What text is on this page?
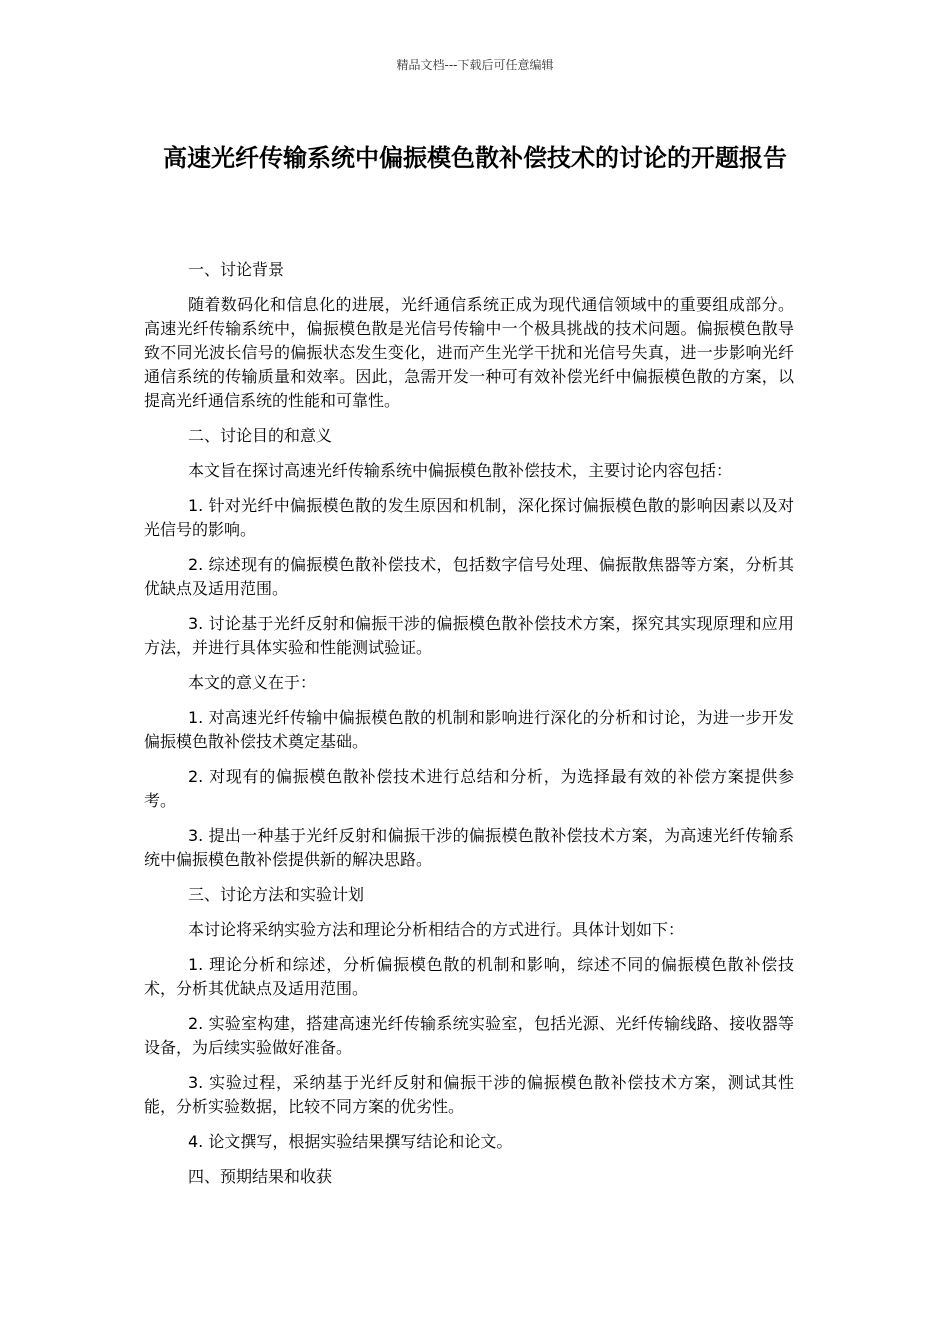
精品文档---下载后可任意编辑
高速光纤传输系统中偏振模色散补偿技术的讨论的开题报告

一、讨论背景

随着数码化和信息化的进展，光纤通信系统正成为现代通信领域中的重要组成部分。高速光纤传输系统中，偏振模色散是光信号传输中一个极具挑战的技术问题。偏振模色散导致不同光波长信号的偏振状态发生变化，进而产生光学干扰和光信号失真，进一步影响光纤通信系统的传输质量和效率。因此，急需开发一种可有效补偿光纤中偏振模色散的方案，以提高光纤通信系统的性能和可靠性。

二、讨论目的和意义

本文旨在探讨高速光纤传输系统中偏振模色散补偿技术，主要讨论内容包括：

1. 针对光纤中偏振模色散的发生原因和机制，深化探讨偏振模色散的影响因素以及对光信号的影响。

2. 综述现有的偏振模色散补偿技术，包括数字信号处理、偏振散焦器等方案，分析其优缺点及适用范围。

3. 讨论基于光纤反射和偏振干涉的偏振模色散补偿技术方案，探究其实现原理和应用方法，并进行具体实验和性能测试验证。

本文的意义在于：

1. 对高速光纤传输中偏振模色散的机制和影响进行深化的分析和讨论，为进一步开发偏振模色散补偿技术奠定基础。

2. 对现有的偏振模色散补偿技术进行总结和分析，为选择最有效的补偿方案提供参考。

3. 提出一种基于光纤反射和偏振干涉的偏振模色散补偿技术方案，为高速光纤传输系统中偏振模色散补偿提供新的解决思路。

三、讨论方法和实验计划

本讨论将采纳实验方法和理论分析相结合的方式进行。具体计划如下：

1. 理论分析和综述，分析偏振模色散的机制和影响，综述不同的偏振模色散补偿技术，分析其优缺点及适用范围。

2. 实验室构建，搭建高速光纤传输系统实验室，包括光源、光纤传输线路、接收器等设备，为后续实验做好准备。

3. 实验过程，采纳基于光纤反射和偏振干涉的偏振模色散补偿技术方案，测试其性能，分析实验数据，比较不同方案的优劣性。

4. 论文撰写，根据实验结果撰写结论和论文。

四、预期结果和收获
